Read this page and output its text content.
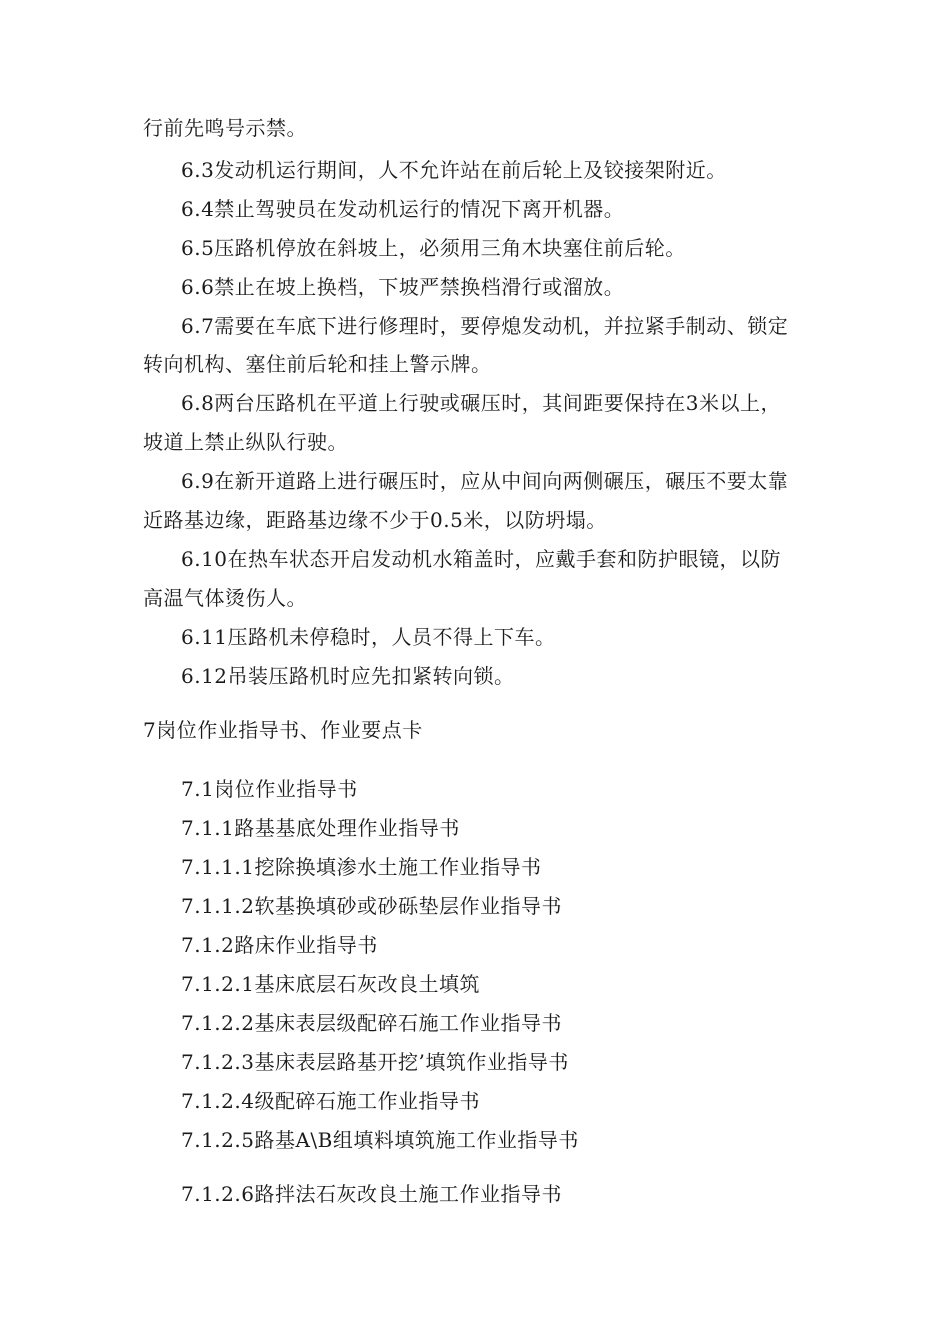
行前先鸣号示禁。
6.3发动机运行期间，人不允许站在前后轮上及铰接架附近。
6.4禁止驾驶员在发动机运行的情况下离开机器。
6.5压路机停放在斜坡上，必须用三角木块塞住前后轮。
6.6禁止在坡上换档，下坡严禁换档滑行或溜放。
6.7需要在车底下进行修理时，要停熄发动机，并拉紧手制动、锁定
转向机构、塞住前后轮和挂上警示牌。
6.8两台压路机在平道上行驶或碾压时，其间距要保持在3米以上，
坡道上禁止纵队行驶。
6.9在新开道路上进行碾压时，应从中间向两侧碾压，碾压不要太靠
近路基边缘，距路基边缘不少于0.5米，以防坍塌。
6.10在热车状态开启发动机水箱盖时，应戴手套和防护眼镜，以防
高温气体烫伤人。
6.11压路机未停稳时，人员不得上下车。
6.12吊装压路机时应先扣紧转向锁。
7岗位作业指导书、作业要点卡
7.1岗位作业指导书
7.1.1路基基底处理作业指导书
7.1.1.1挖除换填渗水土施工作业指导书
7.1.1.2软基换填砂或砂砾垫层作业指导书
7.1.2路床作业指导书
7.1.2.1基床底层石灰改良土填筑
7.1.2.2基床表层级配碎石施工作业指导书
7.1.2.3基床表层路基开挖’填筑作业指导书
7.1.2.4级配碎石施工作业指导书
7.1.2.5路基A\B组填料填筑施工作业指导书
7.1.2.6路拌法石灰改良土施工作业指导书
